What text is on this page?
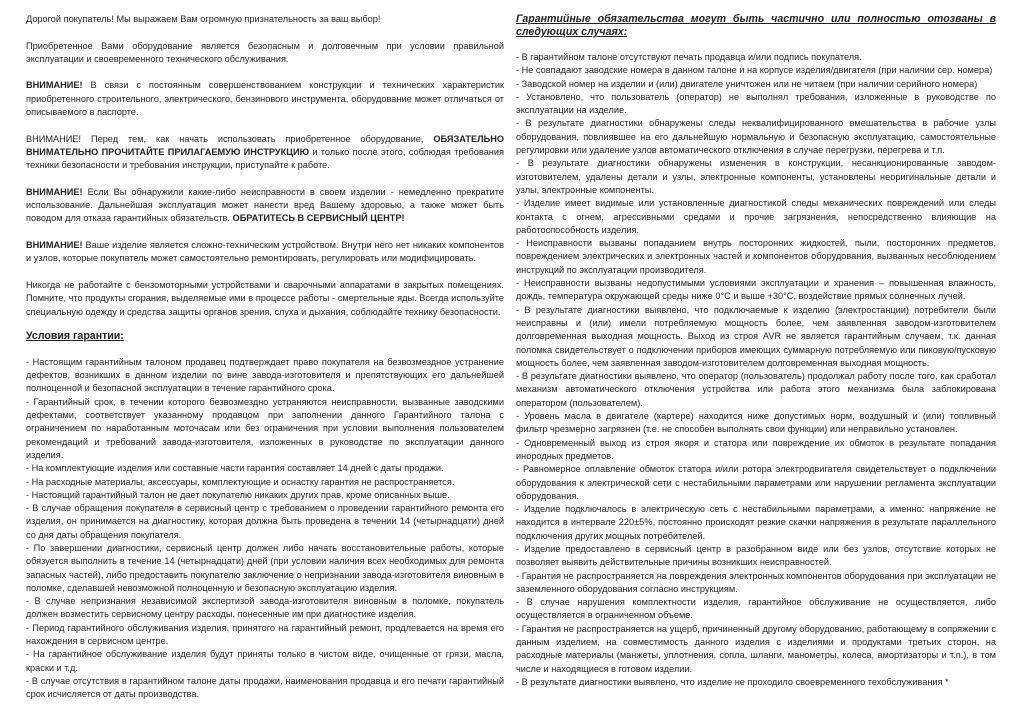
Дорогой покупатель! Мы выражаем Вам огромную признательность за ваш выбор!

Приобретенное Вами оборудование является безопасным и долговечным при условии правильной эксплуатации и своевременного технического обслуживания.

ВНИМАНИЕ! В связи с постоянным совершенствованием конструкции и технических характеристик приобретенного строительного, электрического, бензинового инструмента, оборудование может отличаться от описываемого в паспорте.

ВНИМАНИЕ! Перед тем, как начать использовать приобретенное оборудование, ОБЯЗАТЕЛЬНО ВНИМАТЕЛЬНО ПРОЧИТАЙТЕ ПРИЛАГАЕМУЮ ИНСТРУКЦИЮ и только после этого, соблюдая требования техники безопасности и требования инструкции, приступайте к работе.

ВНИМАНИЕ! Если Вы обнаружили какие-либо неисправности в своем изделии - немедленно прекратите использование. Дальнейшая эксплуатация может нанести вред Вашему здоровью, а также может быть поводом для отказа гарантийных обязательств. ОБРАТИТЕСЬ В СЕРВИСНЫЙ ЦЕНТР!

ВНИМАНИЕ! Ваше изделие является сложно-техническим устройством. Внутри него нет никаких компонентов и узлов, которые покупатель может самостоятельно ремонтировать, регулировать или модифицировать.

Никогда не работайте с бензомоторными устройствами и сварочными аппаратами в закрытых помещениях. Помните, что продукты сгорания, выделяемые ими в процессе работы - смертельные яды. Всегда используйте специальную одежду и средства защиты органов зрения, слуха и дыхания, соблюдайте технику безопасности.

Условия гарантии:

- Настоящим гарантийным талоном продавец подтверждает право покупателя на безвозмездное устранение дефектов, возникших в данном изделии по вине завода-изготовителя и препятствующих его дальнейшей полноценной и безопасной эксплуатации в течение гарантийного срока.

- Гарантийный срок, в течении которого безвозмездно устраняются неисправности, вызванные заводскими дефектами, соответствует указанному продавцом при заполнении данного Гарантийного талона с ограничением по наработанным моточасам или без ограничения при условии выполнения пользователем рекомендаций и требований завода-изготовителя, изложенных в руководстве по эксплуатации данного изделия.

- На комплектующие изделия или составные части гарантия составляет 14 дней с даты продажи.

- На расходные материалы, аксессуары, комплектующие и оснастку гарантия не распространяется.

- Настоящий гарантийный талон не дает покупателю никаких других прав, кроме описанных выше.

- В случае обращения покупателя в сервисный центр с требованием о проведении гарантийного ремонта его изделия, он принимается на диагностику, которая должна быть проведена в течении 14 (четырнадцати) дней со дня даты обращения покупателя.

- По завершении диагностики, сервисный центр должен либо начать восстановительные работы, которые обязуется выполнить в течение 14 (четырнадцати) дней (при условии наличия всех необходимых для ремонта запасных частей), либо предоставить покупателю заключение о непризнании завода-изготовителя виновным в поломке, сделавшей невозможной полноценную и безопасную эксплуатацию изделия.

- В случае непризнания независимой экспертизой завода-изготовителя виновным в поломке, покупатель должен возместить сервисному центру расходы, понесенные им при диагностике изделия.

- Период гарантийного обслуживания изделия, принятого на гарантийный ремонт, продлевается на время его нахождения в сервисном центре.

- На гарантийное обслуживание изделия будут приняты только в чистом виде, очищенные от грязи, масла, краски и т.д.

- В случае отсутствия в гарантийном талоне даты продажи, наименования продавца и его печати гарантийный срок исчисляется от даты производства.

Гарантийные обязательства могут быть частично или полностью отозваны в следующих случаях:

- В гарантийном талоне отсутствуют печать продавца и/или подпись покупателя.

- Не совпадают заводские номера в данном талоне и на корпусе изделия/двигателя (при наличии сер. номера)

- Заводской номер на изделии и (или) двигателе уничтожен или не читаем (при наличии серийного номера)

- Установлено, что пользователь (оператор) не выполнял требования, изложенные в руководстве по эксплуатации на изделие.

- В результате диагностики обнаружены следы неквалифицированного вмешательства в рабочие узлы оборудования, повлиявшее на его дальнейшую нормальную и безопасную эксплуатацию, самостоятельные регулировки или удаление узлов автоматического отключения в случае перегрузки, перегрева и т.п.

- В результате диагностики обнаружены изменения в конструкции, несанкционированные заводом-изготовителем, удалены детали и узлы, электронные компоненты, установлены неоригинальные детали и узлы, электронные компоненты.

- Изделие имеет видимые или установленные диагностикой следы механических повреждений или следы контакта с огнем, агрессивными средами и прочие загрязнения, непосредственно влияющие на работоспособность изделия.

- Неисправности вызваны попаданием внутрь посторонних жидкостей, пыли, посторонних предметов, повреждением электрических и электронных частей и компонентов оборудования, вызванных несоблюдением инструкций по эксплуатации производителя.

- Неисправности вызваны недопустимыми условиями эксплуатации и хранения – повышенная влажность, дождь, температура окружающей среды ниже 0°С и выше +30°С, воздействие прямых солнечных лучей.

- В результате диагностики выявлено, что подключаемые к изделию (электростанции) потребители были неисправны и (или) имели потребляемую мощность более, чем заявленная заводом-изготовителем долговременная выходная мощность. Выход из строя AVR не является гарантийным случаем, т.к. данная поломка свидетельствует о подключении приборов имеющих суммарную потребляемую или пиковую/пусковую мощность более, чем заявленная заводом-изготовителем долговременная выходная мощность.

- В результате диагностики выявлено, что оператор (пользователь) продолжал работу после того, как сработал механизм автоматического отключения устройства или работа этого механизма была заблокирована оператором (пользователем).

- Уровень масла в двигателе (картере) находится ниже допустимых норм, воздушный и (или) топливный фильтр чрезмерно загрязнен (т.е. не способен выполнять свои функции) или неправильно установлен.

- Одновременный выход из строя якоря и статора или повреждение их обмоток в результате попадания инородных предметов.

- Равномерное оплавление обмоток статора и/или ротора электродвигателя свидетельствует о подключении оборудования к электрической сети с нестабильными параметрами или нарушении регламента эксплуатации оборудования.

- Изделие подключалось в электрическую сеть с нестабильными параметрами, а именно: напряжение не находится в интервале 220±5%, постоянно происходят резкие скачки напряжения в результате параллельного подключения других мощных потребителей.

- Изделие предоставлено в сервисный центр в разобранном виде или без узлов, отсутствие которых не позволяет выявить действительные причины возникших неисправностей.

- Гарантия не распространяется на повреждения электронных компонентов оборудования при эксплуатации не заземленного оборудования согласно инструкциям.

- В случае нарушения комплектности изделия, гарантийное обслуживание не осуществляется, либо осуществляется в ограниченном объеме.

- Гарантия не распространяется на ущерб, причиненный другому оборудованию, работающему в сопряжении с данным изделием, на совместимость данного изделия с изделиями и продуктами третьих сторон, на расходные материалы (манжеты, уплотнения, сопла, шланги, манометры, колеса, амортизаторы и т.п.), в том числе и находящиеся в готовом изделии.

- В результате диагностики выявлено, что изделие не проходило своевременного техобслуживания *
